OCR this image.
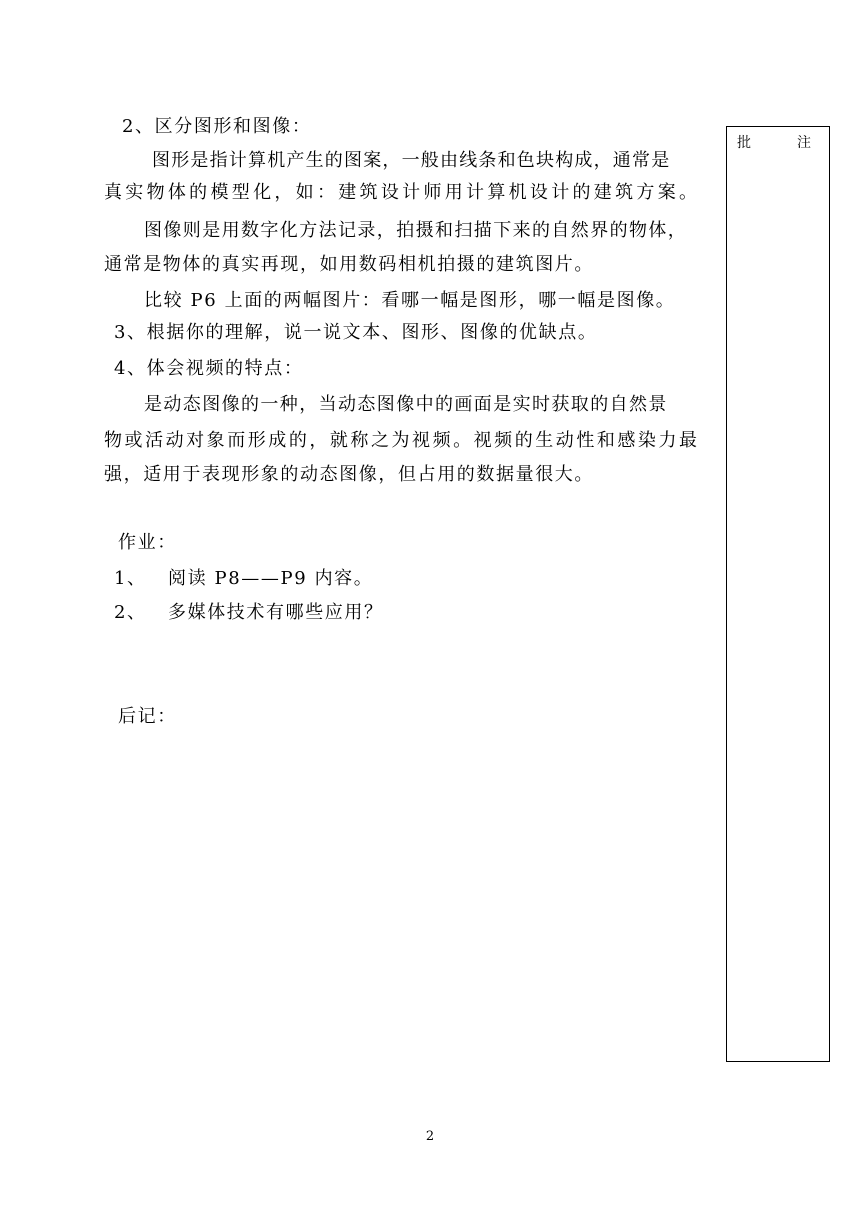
2、区分图形和图像：
图形是指计算机产生的图案，一般由线条和色块构成，通常是
真实物体的模型化，如：建筑设计师用计算机设计的建筑方案。
图像则是用数字化方法记录，拍摄和扫描下来的自然界的物体，
通常是物体的真实再现，如用数码相机拍摄的建筑图片。
比较 P6 上面的两幅图片：看哪一幅是图形，哪一幅是图像。
3、根据你的理解，说一说文本、图形、图像的优缺点。
4、体会视频的特点：
是动态图像的一种，当动态图像中的画面是实时获取的自然景
物或活动对象而形成的，就称之为视频。视频的生动性和感染力最
强，适用于表现形象的动态图像，但占用的数据量很大。
作业：
1、 阅读 P8——P9 内容。
2、 多媒体技术有哪些应用？
后记：
批	注
2
